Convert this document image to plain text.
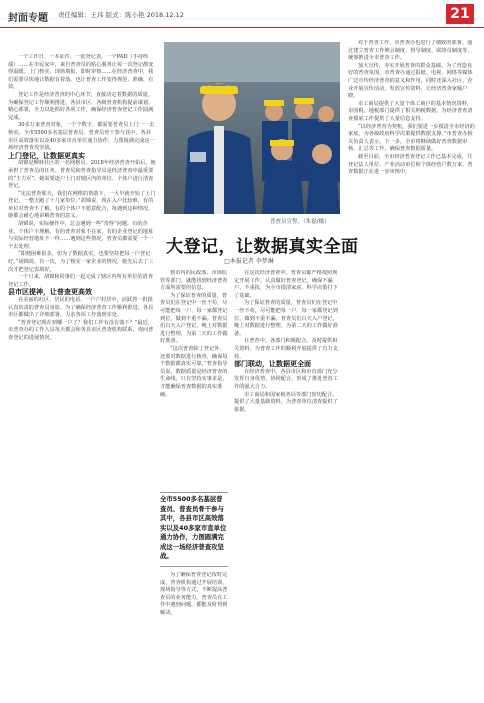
封面专题 责任编辑：王玮 版式：陈小艳 2018.12.12	21

一个工作日、一本证件、一张登记表，一个PAD（手持终端）……在市民家中，来自普查员的贴心服务让每一次登记都变得温暖。上门核实、现场填报、即时审核……在经济普查中，我们需要尽快地让数据有着落，也让普查工作变得规范、准确、有效。

登记工作是经济普查的中心环节，直接决定着数据的质量。为确保登记工作顺利推进，各县市区、各级普查机构提前谋划、精心部署，全力以赴抓好各项工作，确保经济普查登记工作圆满完成。

30多万家普查对象，一个个数字，都需要普查员上门一一去核实。全市5500多名基层普查员、普查员骨干参与其中，各县市区高效落实以及40多家市直单位通力协作，力图圆满完成这一场经济普查攻坚战。

上门登记，让数据更真实

胡锦是柳林社区的一名网格员，2018年经济普查开始后，她承担了普查员的任务。普查员和普查指导员是经济普查中最重要的“主力军”，她需要逐户上门对辖区内的单位、个体户进行清查登记。

“宪法普查那天，我们在网格的帮助下，一大早就开始了上门登记，一整天跑了十几家单位。”胡锦说，现在入户比较难，有的单位对普查不了解，有的个体户不愿意配合，每遇到这种情况，她都会耐心地讲解普查的意义。

胡锦说，实际操作中，总会遇到一些“奇怪”问题。有的企业、个体户不理解，有的普查对象不在家，有的企业登记的地址与实际经营地址不一样……遇到这些情况，普查员都需要一个一个去处理。

“即便困难很多，但为了数据真实，也要坚持把每一户登记好。”胡锦说，有一次，为了核实一家企业的情况，她先后去了三次才把登记表填好。

一个月来，胡锦和同事们一起完成了辖区内所有单位的清查登记工作。

县市区提神，让普查更高效

在美丽的社区、居民的电话、一户户村居中，活跃着一批批认真负责的普查员身影。为了确保经济普查工作顺利推进，各县市区都做出了详细部署，力求各项工作落到实处。

“普查登记现在到哪一户了？我们工作有没有落下？”最近，市普查办的工作人员每天都会和各县市区普查机构联系，询问普查登记的进展情况。

普查员宣誓。（朱磊/摄）
大登记，让数据真实全面
□本报记者 李梦琳

到市内的民政部、市场监管等部门，就能找到经济普查方面所需要的信息。

为了保证普查的质量，普查员们在登记中一丝不苟，尽可能把每一户、每一家都登记到位，做到不重不漏。普查员们白天入户登记，晚上对数据进行整理，为第二天的工作做好准备。

“这次普查除了登记外，还要对数据进行核查，确保每个数据都真实可靠。”普查指导员说，数据质量是经济普查的生命线，只有坚持实事求是，才能确保普查数据的真实准确。

全市5500多名基层普查员、普查员骨干参与其中，各县市区高效落实以及40多家市直单位通力协作，力图圆满完成这一场经济普查攻坚战。

为了确保普查登记按时完成，普查机构通过开展培训、现场指导等方式，不断提高普查员的业务能力。普查员在工作中遇到问题，都能及时得到解决。

在这次经济普查中，普查员都严格按照规定开展工作，认真做好普查登记，确保不漏户、不重报，为全市摸清家底、科学决策打下了基础。

为了保证普查的质量，普查员们在登记中一丝不苟，尽可能把每一户、每一家都登记到位，做到不重不漏。普查员们白天入户登记，晚上对数据进行整理，为第二天的工作做好准备。

在普查中，各部门积极配合，及时提供相关资料，为普查工作的顺利开展提供了有力支持。

部门联动，让数据更全面

在经济普查中，各县市区和市直部门充分发挥自身优势，协同配合，形成了推进普查工作的强大合力。

市工商局和国家税务局等部门密切配合，提供了大量基础资料，为普查单位清查提供了依据。

对于普查工作，市普查办也进行了细致的部署。通过建立普查工作例会制度、督导制度、联络员制度等，统筹推进全市普查工作。

加大宣传，夯实开展普查的群众基础。为了营造良好的普查氛围，市普查办通过报纸、电视、网络等媒体广泛宣传经济普查的意义和作用，同时还深入社区、企业开展宣传活动，发放宣传资料，让经济普查家喻户晓。

市工商局提供了大量个体工商户的基本情况资料，市国税、地税部门提供了相关纳税数据，为经济普查清查摸底工作提供了大量信息支持。

“以经济普查为契机，我们要进一步摸清全市经济的家底，为各级政府科学决策提供数据支撑。”市普查办相关负责人表示，下一步，全市将继续做好普查数据审核、汇总等工作，确保普查数据质量。

截至目前，全市经济普查登记工作已基本完成，共登记法人单位、产业活动单位和个体经营户数万家，普查数据正在进一步审核中。
